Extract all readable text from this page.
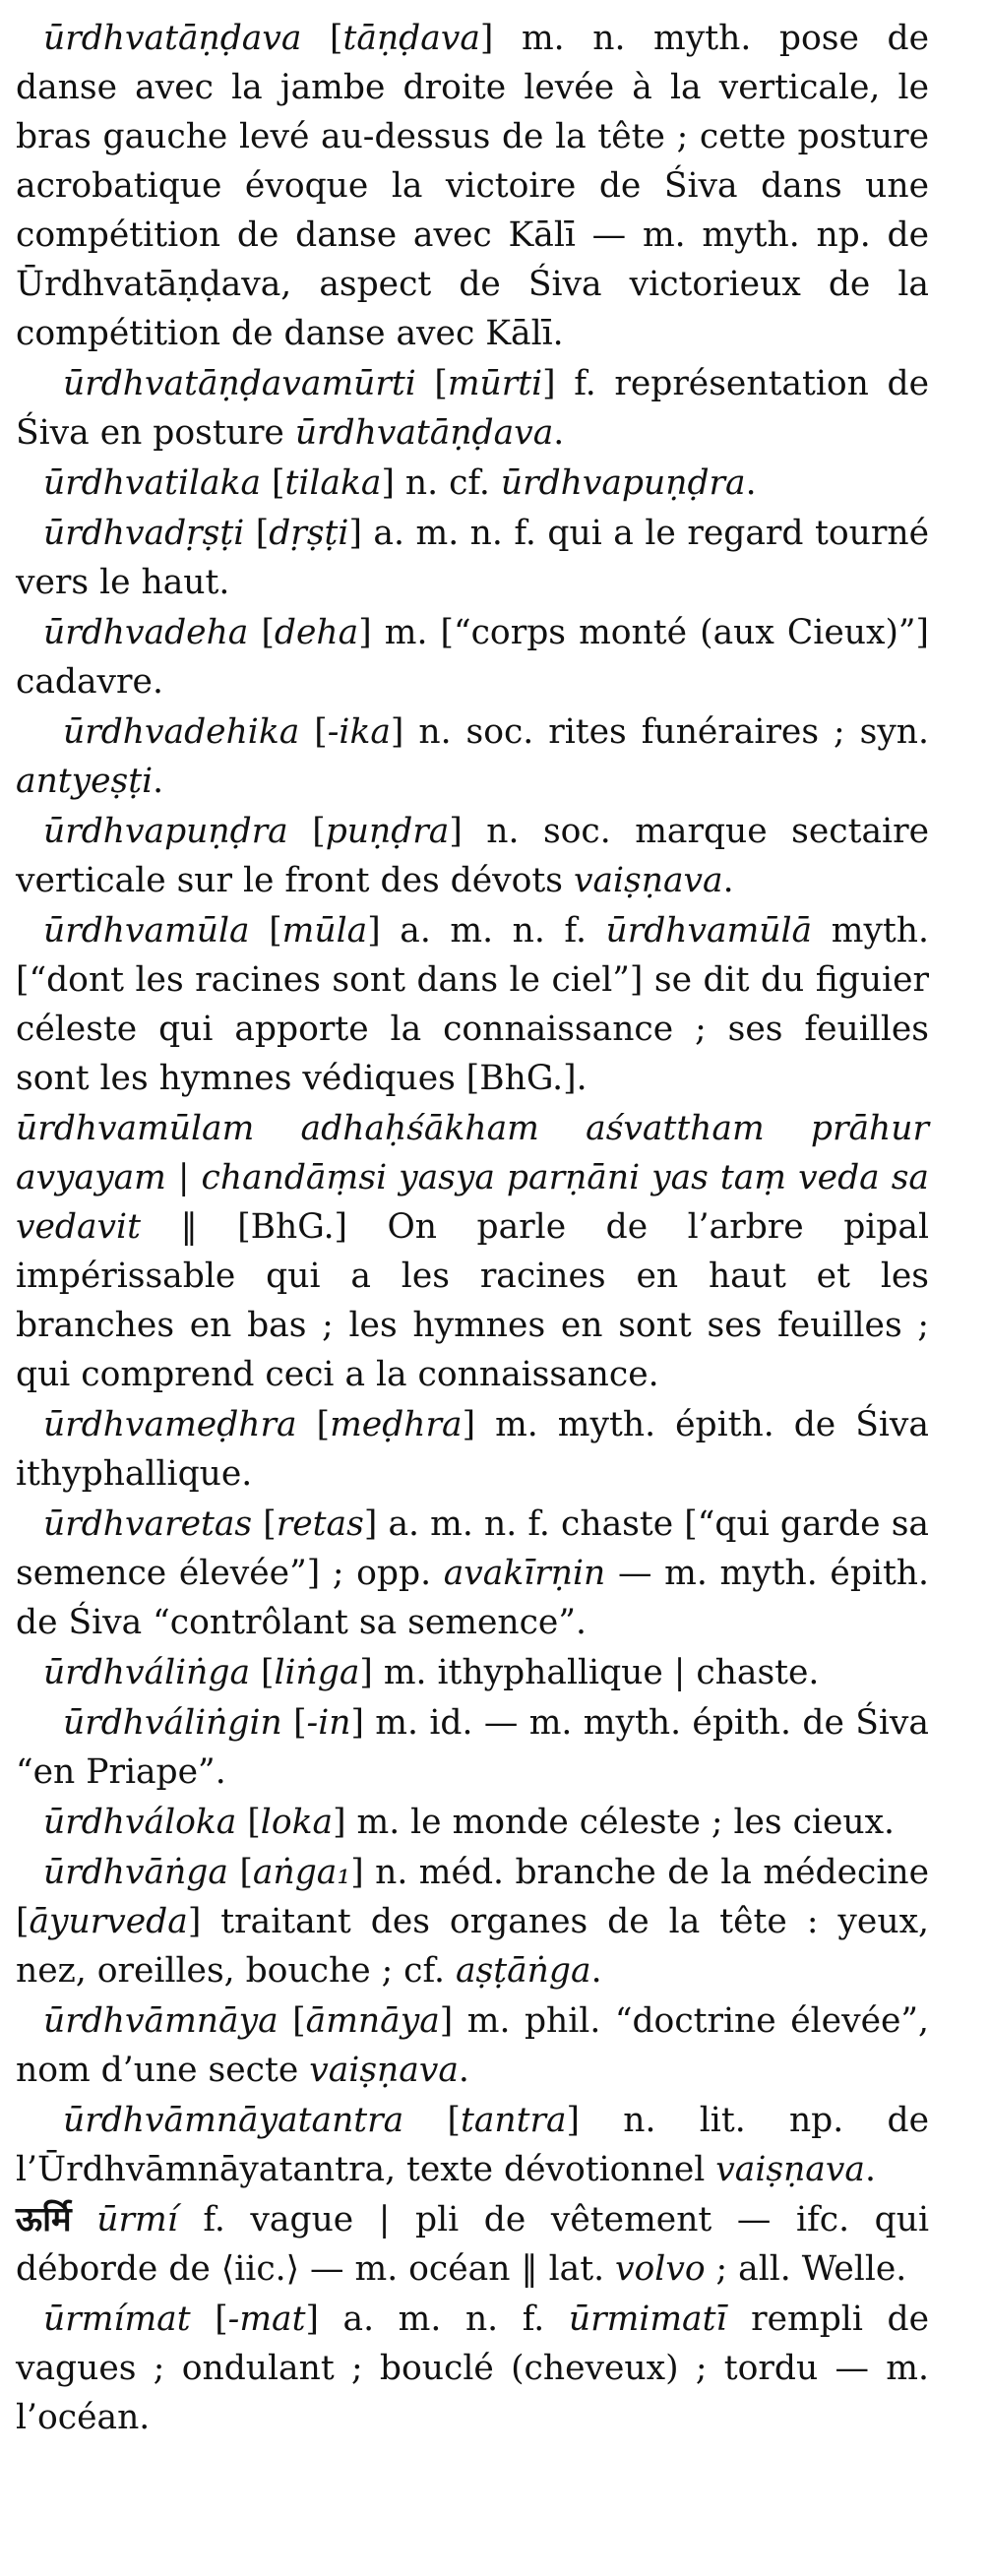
ūrdhvatāṇḍava [tāṇḍava] m. n. myth. pose de danse avec la jambe droite levée à la verticale, le bras gauche levé au-dessus de la tête ; cette posture acrobatique évoque la victoire de Śiva dans une compétition de danse avec Kālī — m. myth. np. de Ūrdhvatāṇḍava, aspect de Śiva victorieux de la compétition de danse avec Kālī.

ūrdhvatāṇḍavamūrti [mūrti] f. représentation de Śiva en posture ūrdhvatāṇḍava.

ūrdhvatilaka [tilaka] n. cf. ūrdhvapuṇḍra.

ūrdhvadṛṣṭi [dṛṣṭi] a. m. n. f. qui a le regard tourné vers le haut.

ūrdhvadeha [deha] m. [“corps monté (aux Cieux)”] cadavre.

ūrdhvadehika [-ika] n. soc. rites funéraires ; syn. antyeṣṭi.

ūrdhvapuṇḍra [puṇḍra] n. soc. marque sectaire verticale sur le front des dévots vaiṣṇava.

ūrdhvamūla [mūla] a. m. n. f. ūrdhvamūlā myth. [“dont les racines sont dans le ciel”] se dit du figuier céleste qui apporte la connaissance ; ses feuilles sont les hymnes védiques [BhG.].

ūrdhvamūlam adhaḥśākham aśvattham prāhur avyayam | chandāṃsi yasya parṇāni yas taṃ veda sa vedavit ‖ [BhG.] On parle de l’arbre pipal impérissable qui a les racines en haut et les branches en bas ; les hymnes en sont ses feuilles ; qui comprend ceci a la connaissance.

ūrdhvameḍhra [meḍhra] m. myth. épith. de Śiva ithyphallique.

ūrdhvaretas [retas] a. m. n. f. chaste [“qui garde sa semence élevée”] ; opp. avakīrṇin — m. myth. épith. de Śiva “contrôlant sa semence”.

ūrdhváliṅga [liṅga] m. ithyphallique | chaste.

ūrdhváliṅgin [-in] m. id. — m. myth. épith. de Śiva “en Priape”.

ūrdhváloka [loka] m. le monde céleste ; les cieux.

ūrdhvāṅga [aṅga₁] n. méd. branche de la médecine [āyurveda] traitant des organes de la tête : yeux, nez, oreilles, bouche ; cf. aṣṭāṅga.

ūrdhvāmnāya [āmnāya] m. phil. “doctrine élevée”, nom d’une secte vaiṣṇava.

ūrdhvāmnāyatantra [tantra] n. lit. np. de l’Ūrdhvāmnāyatantra, texte dévotionnel vaiṣṇava.

ऊर्मि ūrmí f. vague | pli de vêtement — ifc. qui déborde de ⟨iic.⟩ — m. océan ‖ lat. volvo ; all. Welle.

ūrmímat [-mat] a. m. n. f. ūrmimatī rempli de vagues ; ondulant ; bouclé (cheveux) ; tordu — m. l’océan.
